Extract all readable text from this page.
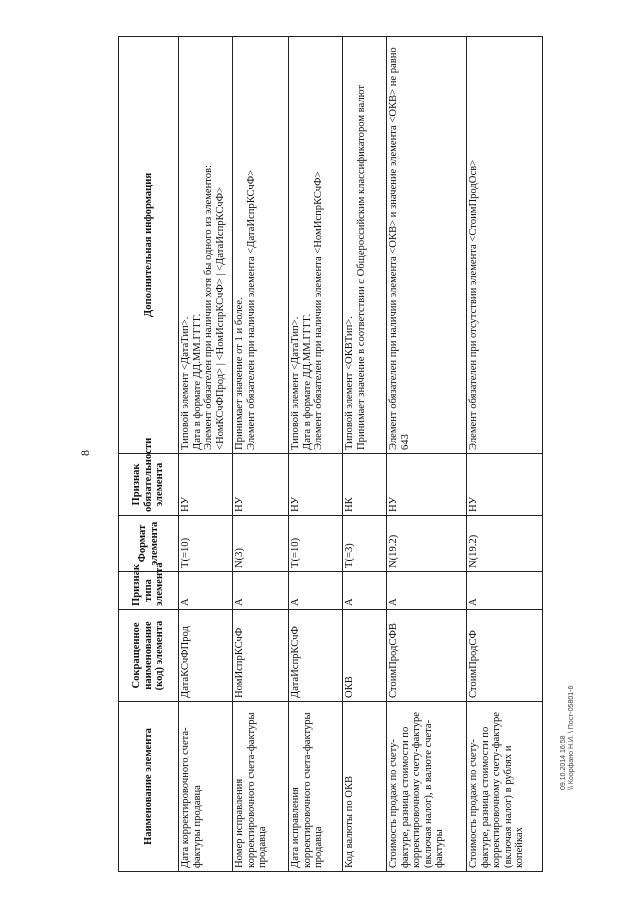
8
09.10.2014 16:58 \\ Коорфано Н.И. \ Пост-05801-6
Наименование элемента	Сокращенное наименование (код) элемента	Признак типа элемента	Формат элемента	Признак обязательности элемента	Дополнительная информация
Дата корректировочного счета-фактуры продавца	ДатаКСчФПрод	А	T(=10)	НУ	Типовой элемент <ДатаТип>.
Дата в формате ДД.ММ.ГГГГ.
Элемент обязателен при наличии хотя бы одного из элементов:
<НомКСчФПрод> | <НомИспрКСчФ> | <ДатаИспрКСчФ>
Номер исправления корректировочного счета-фактуры продавца	НомИспрКСчФ	А	N(3)	НУ	Принимает значение от 1 и более.
Элемент обязателен при наличии элемента <ДатаИспрКСчФ>
Дата исправления корректировочного счета-фактуры продавца	ДатаИспрКСчФ	А	T(=10)	НУ	Типовой элемент <ДатаТип>.
Дата в формате ДД.ММ.ГГГГ.
Элемент обязателен при наличии элемента <НомИспрКСчФ>
Код валюты по ОКВ	ОКВ	А	T(=3)	НК	Типовой элемент <ОКВТип>.
Принимает значение в соответствии с Общероссийским классификатором валют
Стоимость продаж по счету-фактуре, разница стоимости по корректировочному счету-фактуре (включая налог), в валюте счета-фактуры	СтоимПродСФВ	А	N(19.2)	НУ	Элемент обязателен при наличии элемента <ОКВ> и значение элемента <ОКВ> не равно 643
Стоимость продаж по счету-фактуре, разница стоимости по корректировочному счету-фактуре (включая налог) в рублях и копейках	СтоимПродСФ	А	N(19.2)	НУ	Элемент обязателен при отсутствии элемента <СтоимПродОсв>
